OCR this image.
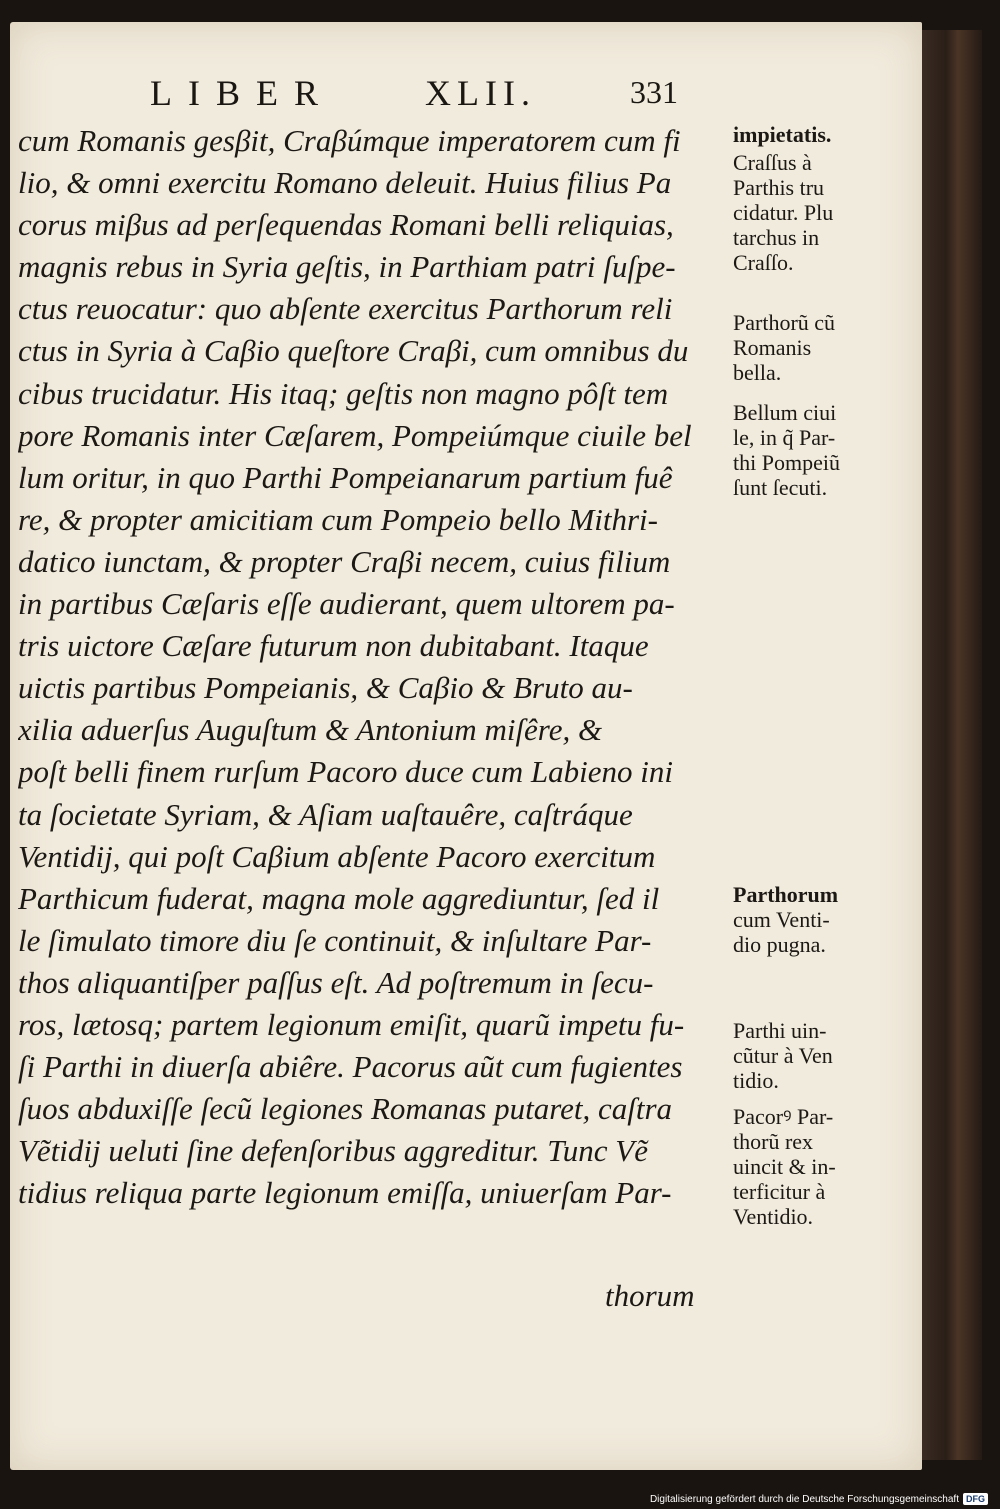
LIBER	XLII.	331
cum Romanis gesβit, Craβúmque imperatorem cum fi
lio, & omni exercitu Romano deleuit. Huius filius Pa
corus miβus ad perſequendas Romani belli reliquias,
magnis rebus in Syria geſtis, in Parthiam patri ſuſpe-
ctus reuocatur: quo abſente exercitus Parthorum reli
ctus in Syria à Caβio queſtore Craβi, cum omnibus du
cibus trucidatur. His itaq; geſtis non magno pôſt tem
pore Romanis inter Cæſarem, Pompeiúmque ciuile bel
lum oritur, in quo Parthi Pompeianarum partium fuê
re, & propter amicitiam cum Pompeio bello Mithri-
datico iunctam, & propter Craβi necem, cuius filium
in partibus Cæſaris eſſe audierant, quem ultorem pa-
tris uictore Cæſare futurum non dubitabant. Itaque
uictis partibus Pompeianis, & Caβio & Bruto au-
xilia aduerſus Auguſtum & Antonium miſêre, &
poſt belli finem rurſum Pacoro duce cum Labieno ini
ta ſocietate Syriam, & Aſiam uaſtauêre, caſtráque
Ventidij, qui poſt Caβium abſente Pacoro exercitum
Parthicum fuderat, magna mole aggrediuntur, ſed il
le ſimulato timore diu ſe continuit, & inſultare Par-
thos aliquantiſper paſſus eſt. Ad poſtremum in ſecu-
ros, lætosq; partem legionum emiſit, quarũ impetu fu-
ſi Parthi in diuerſa abiêre. Pacorus aũt cum fugientes
ſuos abduxiſſe ſecũ legiones Romanas putaret, caſtra
Vẽtidij ueluti ſine defenſoribus aggreditur. Tunc Vẽ
tidius reliqua parte legionum emiſſa, uniuerſam Par-
thorum
impietatis.
Craſſus à
Parthis tru
cidatur. Plu
tarchus in
Craſſo.
Parthorũ cũ
Romanis
bella.
Bellum ciui
le, in q̃ Par-
thi Pompeiũ
ſunt ſecuti.
Parthorum
cum Venti-
dio pugna.
Parthi uin-
cũtur à Ven
tidio.
Pacorꝰ Par-
thorũ rex
uincit & in-
terficitur à
Ventidio.
Digitalisierung gefördert durch die Deutsche Forschungsgemeinschaft DFG
